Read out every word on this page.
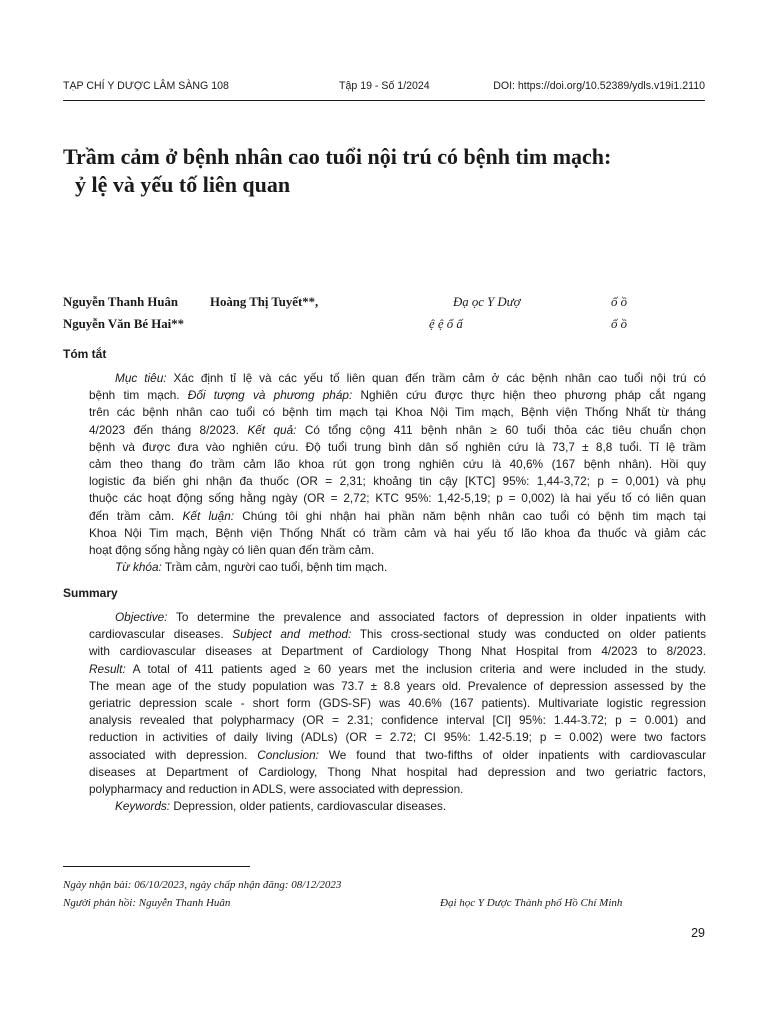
TẠP CHÍ Y DƯỢC LÂM SÀNG 108	Tập 19 - Số 1/2024	DOI: https://doi.org/10.52389/ydls.v19i1.2110
Trầm cảm ở bệnh nhân cao tuổi nội trú có bệnh tim mạch:
ỷ lệ và yếu tố liên quan
Nguyễn Thanh Huân	Hoàng Thị Tuyết**,	Đạ ọc Y Dượ	ố ồ
Nguyễn Văn Bé Hai**	ệ ệ ố ấ	ố ồ
Tóm tắt
Mục tiêu: Xác định tỉ lệ và các yếu tố liên quan đến trầm cảm ở các bệnh nhân cao tuổi nội trú có
bệnh tim mạch. Đối tượng và phương pháp: Nghiên cứu được thực hiện theo phương pháp cắt ngang
trên các bệnh nhân cao tuổi có bệnh tim mạch tại Khoa Nội Tim mạch, Bệnh viện Thống Nhất từ tháng
4/2023 đến tháng 8/2023. Kết quả: Có tổng cộng 411 bệnh nhân ≥ 60 tuổi thỏa các tiêu chuẩn chọn
bệnh và được đưa vào nghiên cứu. Độ tuổi trung bình dân số nghiên cứu là 73,7 ± 8,8 tuổi. Tỉ lệ trầm
cảm theo thang đo trầm cảm lão khoa rút gọn trong nghiên cứu là 40,6% (167 bệnh nhân). Hồi quy
logistic đa biến ghi nhận đa thuốc (OR = 2,31; khoảng tin cậy [KTC] 95%: 1,44-3,72; p = 0,001) và phụ
thuộc các hoạt động sống hằng ngày (OR = 2,72; KTC 95%: 1,42-5,19; p = 0,002) là hai yếu tố có liên quan
đến trầm cảm. Kết luận: Chúng tôi ghi nhận hai phần năm bệnh nhân cao tuổi có bệnh tim mạch tại
Khoa Nội Tim mạch, Bệnh viện Thống Nhất có trầm cảm và hai yếu tố lão khoa đa thuốc và giảm các
hoạt động sống hằng ngày có liên quan đến trầm cảm.
Từ khóa: Trầm cảm, người cao tuổi, bệnh tim mạch.
Summary
Objective: To determine the prevalence and associated factors of depression in older inpatients with
cardiovascular diseases. Subject and method: This cross-sectional study was conducted on older patients
with cardiovascular diseases at Department of Cardiology Thong Nhat Hospital from 4/2023 to 8/2023.
Result: A total of 411 patients aged ≥ 60 years met the inclusion criteria and were included in the study.
The mean age of the study population was 73.7 ± 8.8 years old. Prevalence of depression assessed by the
geriatric depression scale - short form (GDS-SF) was 40.6% (167 patients). Multivariate logistic regression
analysis revealed that polypharmacy (OR = 2.31; confidence interval [CI] 95%: 1.44-3.72; p = 0.001) and
reduction in activities of daily living (ADLs) (OR = 2.72; CI 95%: 1.42-5.19; p = 0.002) were two factors
associated with depression. Conclusion: We found that two-fifths of older inpatients with cardiovascular
diseases at Department of Cardiology, Thong Nhat hospital had depression and two geriatric factors,
polypharmacy and reduction in ADLS, were associated with depression.
Keywords: Depression, older patients, cardiovascular diseases.
Ngày nhận bài: 06/10/2023, ngày chấp nhận đăng: 08/12/2023
Người phản hồi: Nguyễn Thanh Huân	Đại học Y Dược Thành phố Hồ Chí Minh
29
